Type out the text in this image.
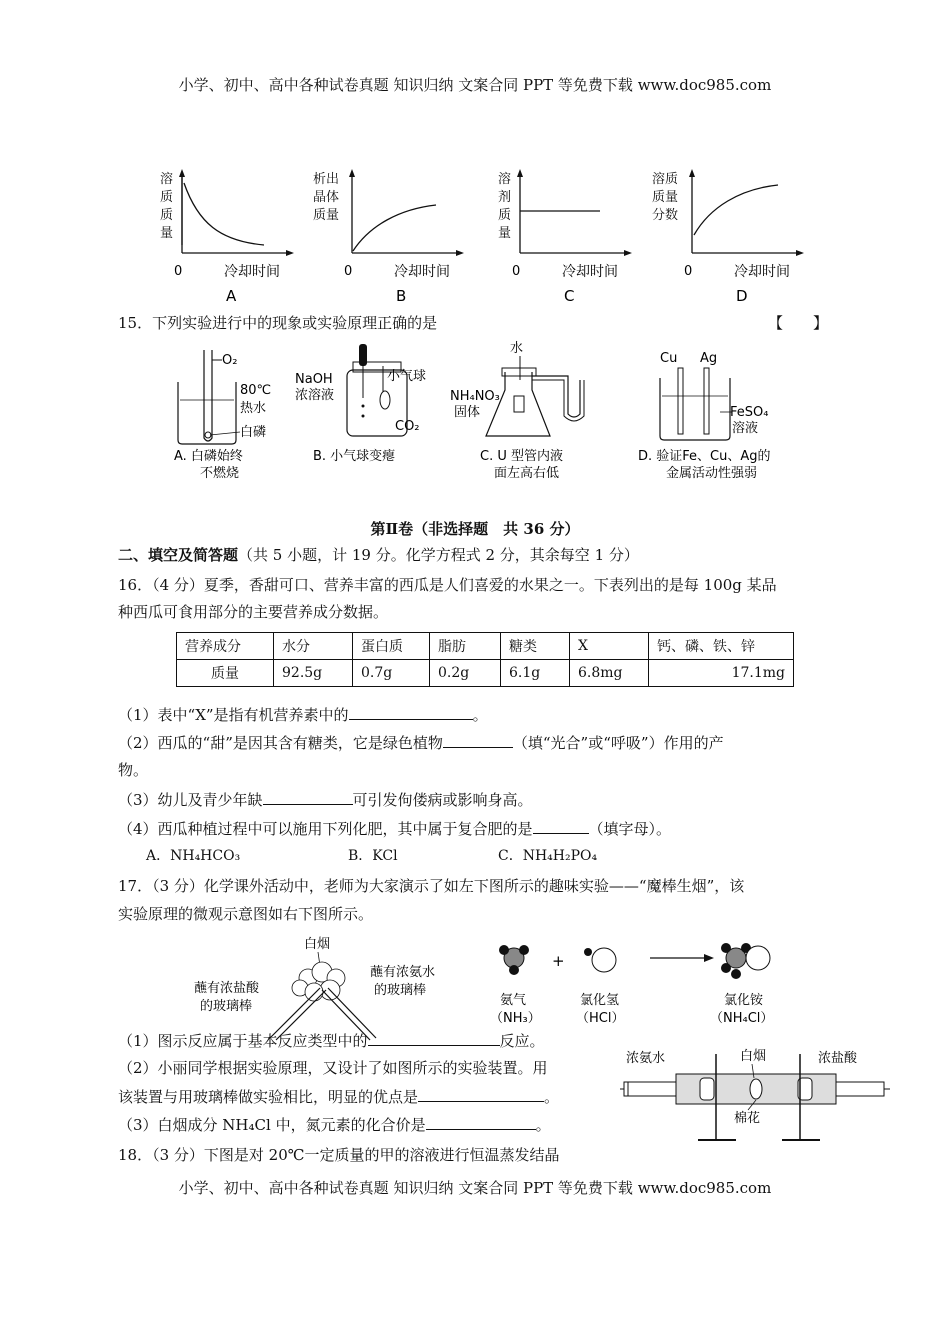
小学、初中、高中各种试卷真题 知识归纳 文案合同 PPT 等免费下载 www.doc985.com
溶
质
质
量
0	冷却时间
A
析出
晶体
质量
0	冷却时间
B
溶
剂
质
量
0	冷却时间
C
溶质
质量
分数
0	冷却时间
D
15．下列实验进行中的现象或实验原理正确的是	【　　】
O₂
80℃
热水
白磷
A. 白磷始终
不燃烧
NaOH
浓溶液
小气球
CO₂
B. 小气球变瘪
水
NH₄NO₃
固体
C. U 型管内液
面左高右低
Cu Ag
FeSO₄
溶液
D. 验证Fe、Cu、Ag的
金属活动性强弱
第Ⅱ卷（非选择题　共 36 分）
二、填空及简答题（共 5 小题，计 19 分。化学方程式 2 分，其余每空 1 分）
16．（4 分）夏季，香甜可口、营养丰富的西瓜是人们喜爱的水果之一。下表列出的是每 100g 某品
种西瓜可食用部分的主要营养成分数据。
营养成分	水分	蛋白质	脂肪	糖类	X	钙、磷、铁、锌
质量	92.5g	0.7g	0.2g	6.1g	6.8mg	17.1mg
（1）表中“X”是指有机营养素中的	。
（2）西瓜的“甜”是因其含有糖类，它是绿色植物	（填“光合”或“呼吸”）作用的产
物。
（3）幼儿及青少年缺	可引发佝偻病或影响身高。
（4）西瓜种植过程中可以施用下列化肥，其中属于复合肥的是	（填字母）。
A．NH₄HCO₃	B．KCl	C．NH₄H₂PO₄
17．（3 分）化学课外活动中，老师为大家演示了如左下图所示的趣味实验——“魔棒生烟”，该
实验原理的微观示意图如右下图所示。
白烟
蘸有浓盐酸
的玻璃棒
蘸有浓氨水
的玻璃棒
+
氨气
（NH₃）
氯化氢
（HCl）
氯化铵
（NH₄Cl）
（1）图示反应属于基本反应类型中的	反应。
（2）小丽同学根据实验原理，又设计了如图所示的实验装置。用
该装置与用玻璃棒做实验相比，明显的优点是	。
（3）白烟成分 NH₄Cl 中，氮元素的化合价是	。
浓氨水	白烟	浓盐酸
棉花
18．（3 分）下图是对 20℃一定质量的甲的溶液进行恒温蒸发结晶
小学、初中、高中各种试卷真题 知识归纳 文案合同 PPT 等免费下载 www.doc985.com
